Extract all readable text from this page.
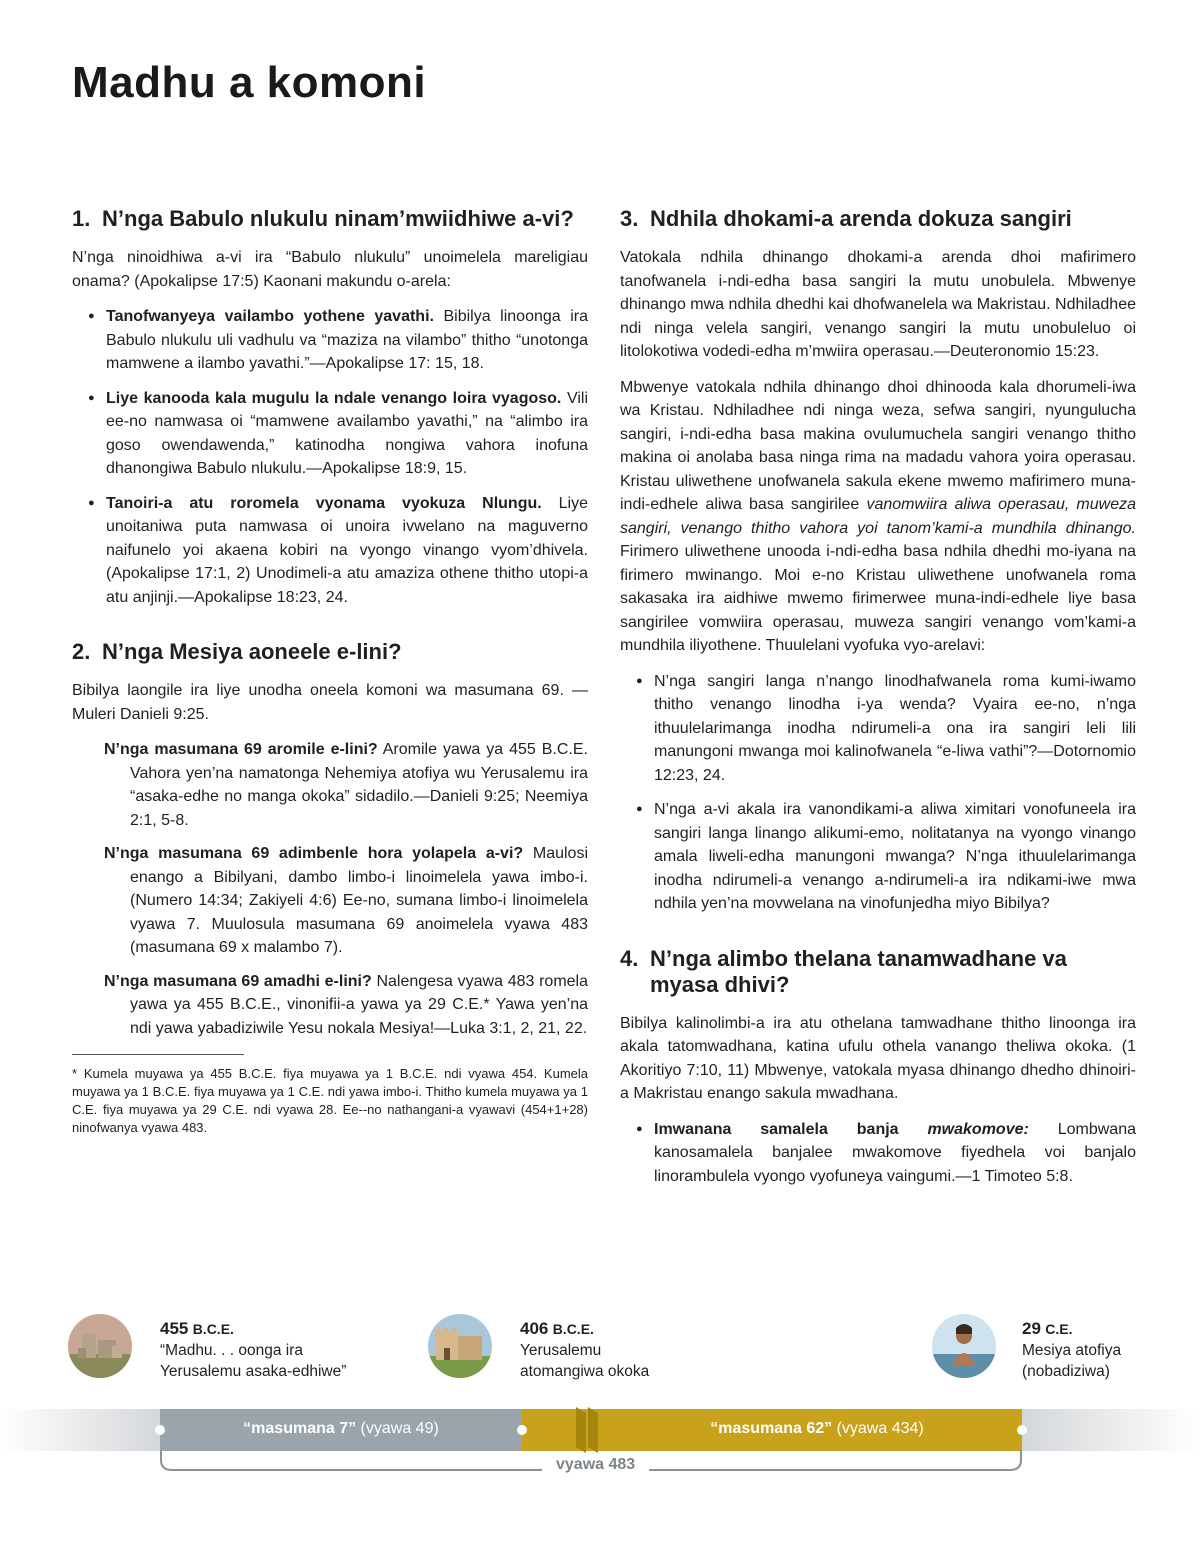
Madhu a komoni
1. N’nga Babulo nlukulu ninam’mwiidhiwe a-vi?

N’nga ninoidhiwa a-vi ira “Babulo nlukulu” unoimelela mareligiau onama? (Apokalipse 17:5) Kaonani makundu o-arela:

● Tanofwanyeya vailambo yothene yavathi. Bibilya linoonga ira Babulo nlukulu uli vadhulu va “maziza na vilambo” thitho “unotonga mamwene a ilambo yavathi.”—Apokalipse 17: 15, 18.
● Liye kanooda kala mugulu la ndale venango loira vyagoso. Vili ee-no namwasa oi “mamwene availambo yavathi,” na “alimbo ira goso owendawenda,” katinodha nongiwa vahora inofuna dhanongiwa Babulo nlukulu.—Apokalipse 18:9, 15.
● Tanoiri-a atu roromela vyonama vyokuza Nlungu. Liye unoitaniwa puta namwasa oi unoira ivwelano na maguverno naifunelo yoi akaena kobiri na vyongo vinango vyom’dhivela. (Apokalipse 17:1, 2) Unodimeli-a atu amaziza othene thitho utopi-a atu anjinji.—Apokalipse 18:23, 24.
2. N’nga Mesiya aoneele e-lini?

Bibilya laongile ira liye unodha oneela komoni wa masumana 69. —Muleri Danieli 9:25.

N’nga masumana 69 aromile e-lini? Aromile yawa ya 455 B.C.E. Vahora yen’na namatonga Nehemiya atofiya wu Yerusalemu ira “asaka-edhe no manga okoka” sidadilo.—Danieli 9:25; Neemiya 2:1, 5-8.

N’nga masumana 69 adimbenle hora yolapela a-vi? Maulosi enango a Bibilyani, dambo limbo-i linoimelela yawa imbo-i. (Numero 14:34; Zakiyeli 4:6) Ee-no, sumana limbo-i linoimelela vyawa 7. Muulosula masumana 69 anoimelela vyawa 483 (masumana 69 x malambo 7).

N’nga masumana 69 amadhi e-lini? Nalengesa vyawa 483 romela yawa ya 455 B.C.E., vinonifii-a yawa ya 29 C.E.* Yawa yen’na ndi yawa yabadiziwile Yesu nokala Mesiya!—Luka 3:1, 2, 21, 22.

* Kumela muyawa ya 455 B.C.E. fiya muyawa ya 1 B.C.E. ndi vyawa 454. Kumela muyawa ya 1 B.C.E. fiya muyawa ya 1 C.E. ndi yawa imbo-i. Thitho kumela muyawa ya 1 C.E. fiya muyawa ya 29 C.E. ndi vyawa 28. Ee--no nathangani-a vyawavi (454+1+28) ninofwanya vyawa 483.

3. Ndhila dhokami-a arenda dokuza sangiri

Vatokala ndhila dhinango dhokami-a arenda dhoi mafirimero tanofwanela i-ndi-edha basa sangiri la mutu unobulela. Mbwenye dhinango mwa ndhila dhedhi kai dhofwanelela wa Makristau. Ndhiladhee ndi ninga velela sangiri, venango sangiri la mutu unobuleluo oi litolokotiwa vodedi-edha m’mwiira operasau.—Deuteronomio 15:23.

Mbwenye vatokala ndhila dhinango dhoi dhinooda kala dhorumeli-iwa wa Kristau. Ndhiladhee ndi ninga weza, sefwa sangiri, nyungulucha sangiri, i-ndi-edha basa makina ovulumuchela sangiri venango thitho makina oi anolaba basa ninga rima na madadu vahora yoira operasau. Kristau uliwethene unofwanela sakula ekene mwemo mafirimero muna-indi-edhele aliwa basa sangirilee vanomwiira aliwa operasau, muweza sangiri, venango thitho vahora yoi tanom’kami-a mundhila dhinango. Firimero uliwethene unooda i-ndi-edha basa ndhila dhedhi mo-iyana na firimero mwinango. Moi e-no Kristau uliwethene unofwanela roma sakasaka ira aidhiwe mwemo firimerwee muna-indi-edhele liye basa sangirilee vomwiira operasau, muweza sangiri venango vom’kami-a mundhila iliyothene. Thuulelani vyofuka vyo-arelavi:

● N’nga sangiri langa n’nango linodhafwanela roma kumi-iwamo thitho venango linodha i-ya wenda? Vyaira ee-no, n’nga ithuulelarimanga inodha ndirumeli-a ona ira sangiri leli lili manungoni mwanga moi kalinofwanela “e-liwa vathi”?—Dotornomio 12:23, 24.
● N’nga a-vi akala ira vanondikami-a aliwa ximitari vonofuneela ira sangiri langa linango alikumi-emo, nolitatanya na vyongo vinango amala liweli-edha manungoni mwanga? N’nga ithuulelarimanga inodha ndirumeli-a venango a-ndirumeli-a ira ndikami-iwe mwa ndhila yen’na movwelana na vinofunjedha miyo Bibilya?
4. N’nga alimbo thelana tanamwadhane va myasa dhivi?

Bibilya kalinolimbi-a ira atu othelana tamwadhane thitho linoonga ira akala tatomwadhana, katina ufulu othela vanango theliwa okoka. (1 Akoritiyo 7:10, 11) Mbwenye, vatokala myasa dhinango dhedho dhinoiri-a Makristau enango sakula mwadhana.

● Imwanana samalela banja mwakomove: Lombwana kanosamalela banjalee mwakomove fiyedhela voi banjalo linorambulela vyongo vyofuneya vaingumi.—1 Timoteo 5:8.
455 B.C.E.
“Madhu. . . oonga ira
Yerusalemu asaka-edhiwe”
406 B.C.E.
Yerusalemu
atomangiwa okoka
29 C.E.
Mesiya atofiya
(nobadiziwa)
“masumana 7” (vyawa 49)	“masumana 62” (vyawa 434)
vyawa 483
